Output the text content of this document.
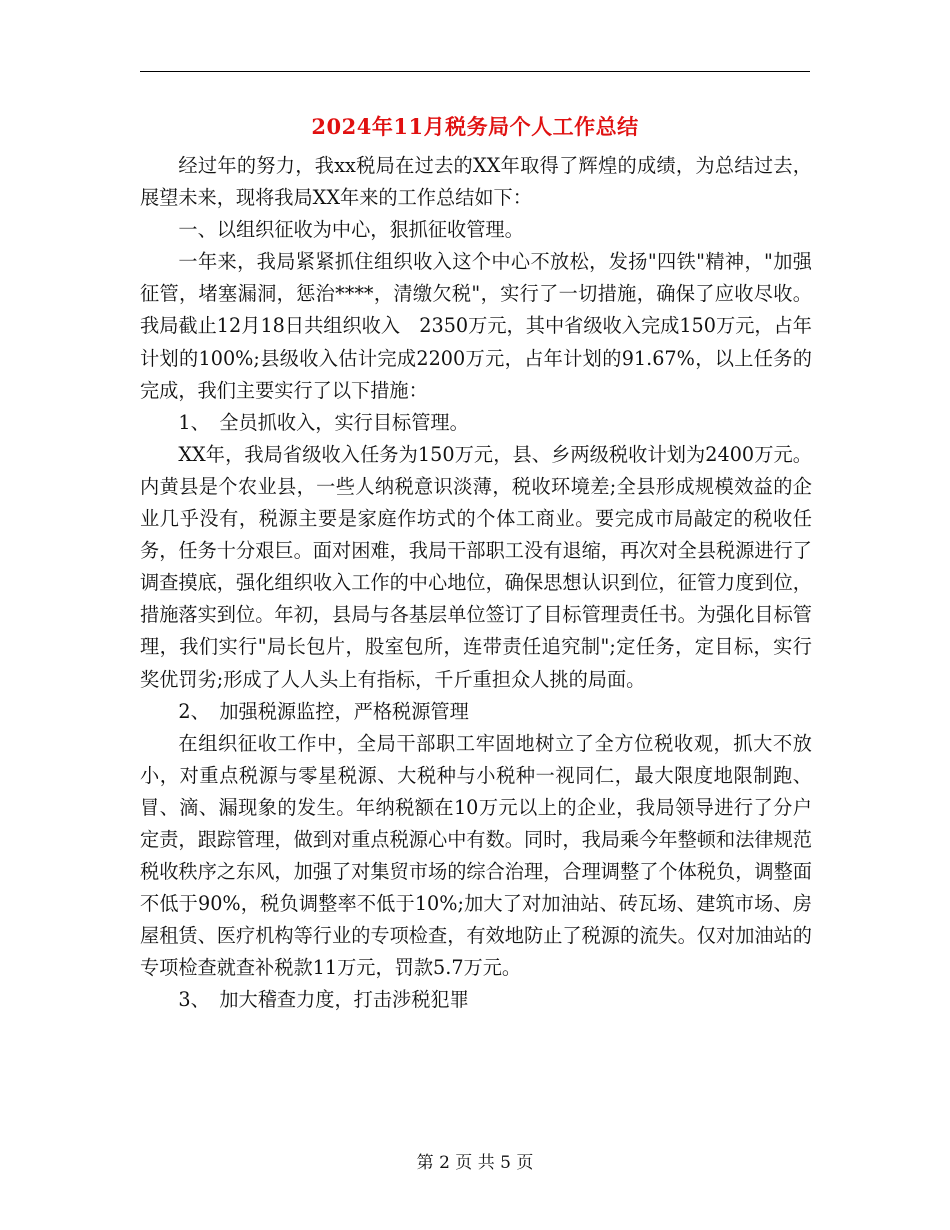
2024年11月税务局个人工作总结

经过年的努力，我xx税局在过去的XX年取得了辉煌的成绩，为总结过去，展望未来，现将我局XX年来的工作总结如下：

一、以组织征收为中心，狠抓征收管理。

一年来，我局紧紧抓住组织收入这个中心不放松，发扬"四铁"精神，"加强征管，堵塞漏洞，惩治****，清缴欠税"，实行了一切措施，确保了应收尽收。我局截止12月18日共组织收入　2350万元，其中省级收入完成150万元，占年计划的100%;县级收入估计完成2200万元，占年计划的91.67%，以上任务的完成，我们主要实行了以下措施：

1、　全员抓收入，实行目标管理。

XX年，我局省级收入任务为150万元，县、乡两级税收计划为2400万元。内黄县是个农业县，一些人纳税意识淡薄，税收环境差;全县形成规模效益的企业几乎没有，税源主要是家庭作坊式的个体工商业。要完成市局敲定的税收任务，任务十分艰巨。面对困难，我局干部职工没有退缩，再次对全县税源进行了调查摸底，强化组织收入工作的中心地位，确保思想认识到位，征管力度到位，措施落实到位。年初，县局与各基层单位签订了目标管理责任书。为强化目标管理，我们实行"局长包片，股室包所，连带责任追究制";定任务，定目标，实行奖优罚劣;形成了人人头上有指标，千斤重担众人挑的局面。

2、　加强税源监控，严格税源管理

在组织征收工作中，全局干部职工牢固地树立了全方位税收观，抓大不放小，对重点税源与零星税源、大税种与小税种一视同仁，最大限度地限制跑、冒、滴、漏现象的发生。年纳税额在10万元以上的企业，我局领导进行了分户定责，跟踪管理，做到对重点税源心中有数。同时，我局乘今年整顿和法律规范税收秩序之东风，加强了对集贸市场的综合治理，合理调整了个体税负，调整面不低于90%，税负调整率不低于10%;加大了对加油站、砖瓦场、建筑市场、房屋租赁、医疗机构等行业的专项检查，有效地防止了税源的流失。仅对加油站的专项检查就查补税款11万元，罚款5.7万元。

3、　加大稽查力度，打击涉税犯罪

第 2 页 共 5 页
